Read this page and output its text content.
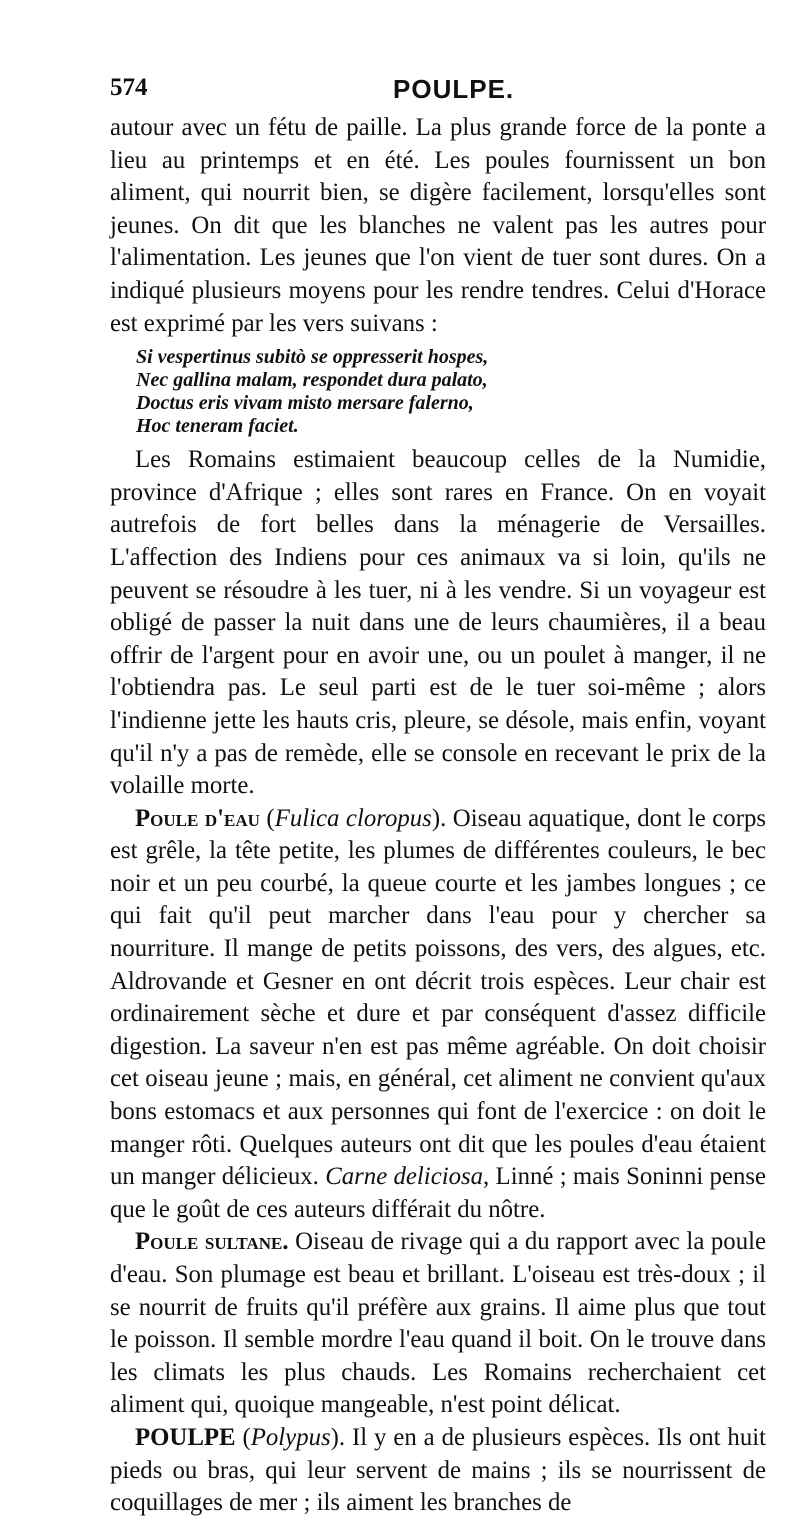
574	POULPE.

autour avec un fétu de paille. La plus grande force de la ponte a lieu au printemps et en été. Les poules fournissent un bon aliment, qui nourrit bien, se digère facilement, lorsqu'elles sont jeunes. On dit que les blanches ne valent pas les autres pour l'alimentation. Les jeunes que l'on vient de tuer sont dures. On a indiqué plusieurs moyens pour les rendre tendres. Celui d'Horace est exprimé par les vers suivans :

Si vespertinus subitò se oppresserit hospes,
Nec gallina malam, respondet dura palato,
Doctus eris vivam misto mersare falerno,
Hoc teneram faciet.

Les Romains estimaient beaucoup celles de la Numidie, province d'Afrique ; elles sont rares en France. On en voyait autrefois de fort belles dans la ménagerie de Versailles. L'affection des Indiens pour ces animaux va si loin, qu'ils ne peuvent se résoudre à les tuer, ni à les vendre. Si un voyageur est obligé de passer la nuit dans une de leurs chaumières, il a beau offrir de l'argent pour en avoir une, ou un poulet à manger, il ne l'obtiendra pas. Le seul parti est de le tuer soi-même ; alors l'indienne jette les hauts cris, pleure, se désole, mais enfin, voyant qu'il n'y a pas de remède, elle se console en recevant le prix de la volaille morte.

Poule d'eau (Fulica cloropus). Oiseau aquatique, dont le corps est grêle, la tête petite, les plumes de différentes couleurs, le bec noir et un peu courbé, la queue courte et les jambes longues ; ce qui fait qu'il peut marcher dans l'eau pour y chercher sa nourriture. Il mange de petits poissons, des vers, des algues, etc. Aldrovande et Gesner en ont décrit trois espèces. Leur chair est ordinairement sèche et dure et par conséquent d'assez difficile digestion. La saveur n'en est pas même agréable. On doit choisir cet oiseau jeune ; mais, en général, cet aliment ne convient qu'aux bons estomacs et aux personnes qui font de l'exercice : on doit le manger rôti. Quelques auteurs ont dit que les poules d'eau étaient un manger délicieux. Carne deliciosa, Linné ; mais Soninni pense que le goût de ces auteurs différait du nôtre.

Poule sultane. Oiseau de rivage qui a du rapport avec la poule d'eau. Son plumage est beau et brillant. L'oiseau est très-doux ; il se nourrit de fruits qu'il préfère aux grains. Il aime plus que tout le poisson. Il semble mordre l'eau quand il boit. On le trouve dans les climats les plus chauds. Les Romains recherchaient cet aliment qui, quoique mangeable, n'est point délicat.

POULPE (Polypus). Il y en a de plusieurs espèces. Ils ont huit pieds ou bras, qui leur servent de mains ; ils se nourrissent de coquillages de mer ; ils aiment les branches de
